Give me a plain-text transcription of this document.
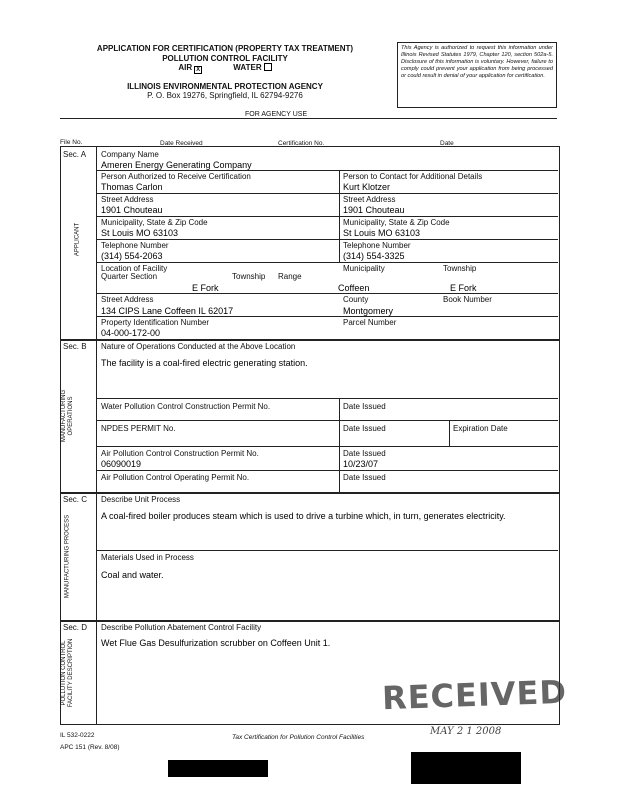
APPLICATION FOR CERTIFICATION (PROPERTY TAX TREATMENT)
POLLUTION CONTROL FACILITY
AIR X	WATER
ILLINOIS ENVIRONMENTAL PROTECTION AGENCY
P. O. Box 19276, Springfield, IL 62794-9276
This Agency is authorized to request this information under Illinois Revised Statutes 1979, Chapter 120, section 502a-5. Disclosure of this information is voluntary. However, failure to comply could prevent your application from being processed or could result in denial of your application for certification.
FOR AGENCY USE
File No.	Date Received	Certification No.	Date
Sec. A
Sec. B
Sec. C
Sec. D
APPLICANT
MANUFACTURING OPERATIONS
MANUFACTURING PROCESS
POLLUTION CONTROL FACILITY DESCRIPTION
Company Name
Ameren Energy Generating Company
Person Authorized to Receive Certification	Person to Contact for Additional Details
Thomas Carlon	Kurt Klotzer
Street Address	Street Address
1901 Chouteau	1901 Chouteau
Municipality, State & Zip Code	Municipality, State & Zip Code
St Louis MO 63103	St Louis MO 63103
Telephone Number	Telephone Number
(314) 554-2063	(314) 554-3325
Location of Facility
Quarter Section	Township Range
Municipality	Township
E Fork	Coffeen	E Fork
Street Address	County	Book Number
134 CIPS Lane Coffeen IL 62017	Montgomery
Property Identification Number	Parcel Number
04-000-172-00
Nature of Operations Conducted at the Above Location
The facility is a coal-fired electric generating station.
Water Pollution Control Construction Permit No.	Date Issued
NPDES PERMIT No.	Date Issued	Expiration Date
Air Pollution Control Construction Permit No.	Date Issued
06090019	10/23/07
Air Pollution Control Operating Permit No.	Date Issued
Describe Unit Process
A coal-fired boiler produces steam which is used to drive a turbine which, in turn, generates electricity.
Materials Used in Process
Coal and water.
Describe Pollution Abatement Control Facility
Wet Flue Gas Desulfurization scrubber on Coffeen Unit 1.
RECEIVED
IL 532-0222
APC 151 (Rev. 8/08)
Tax Certification for Pollution Control Facilities
MAY 2 1 2008
